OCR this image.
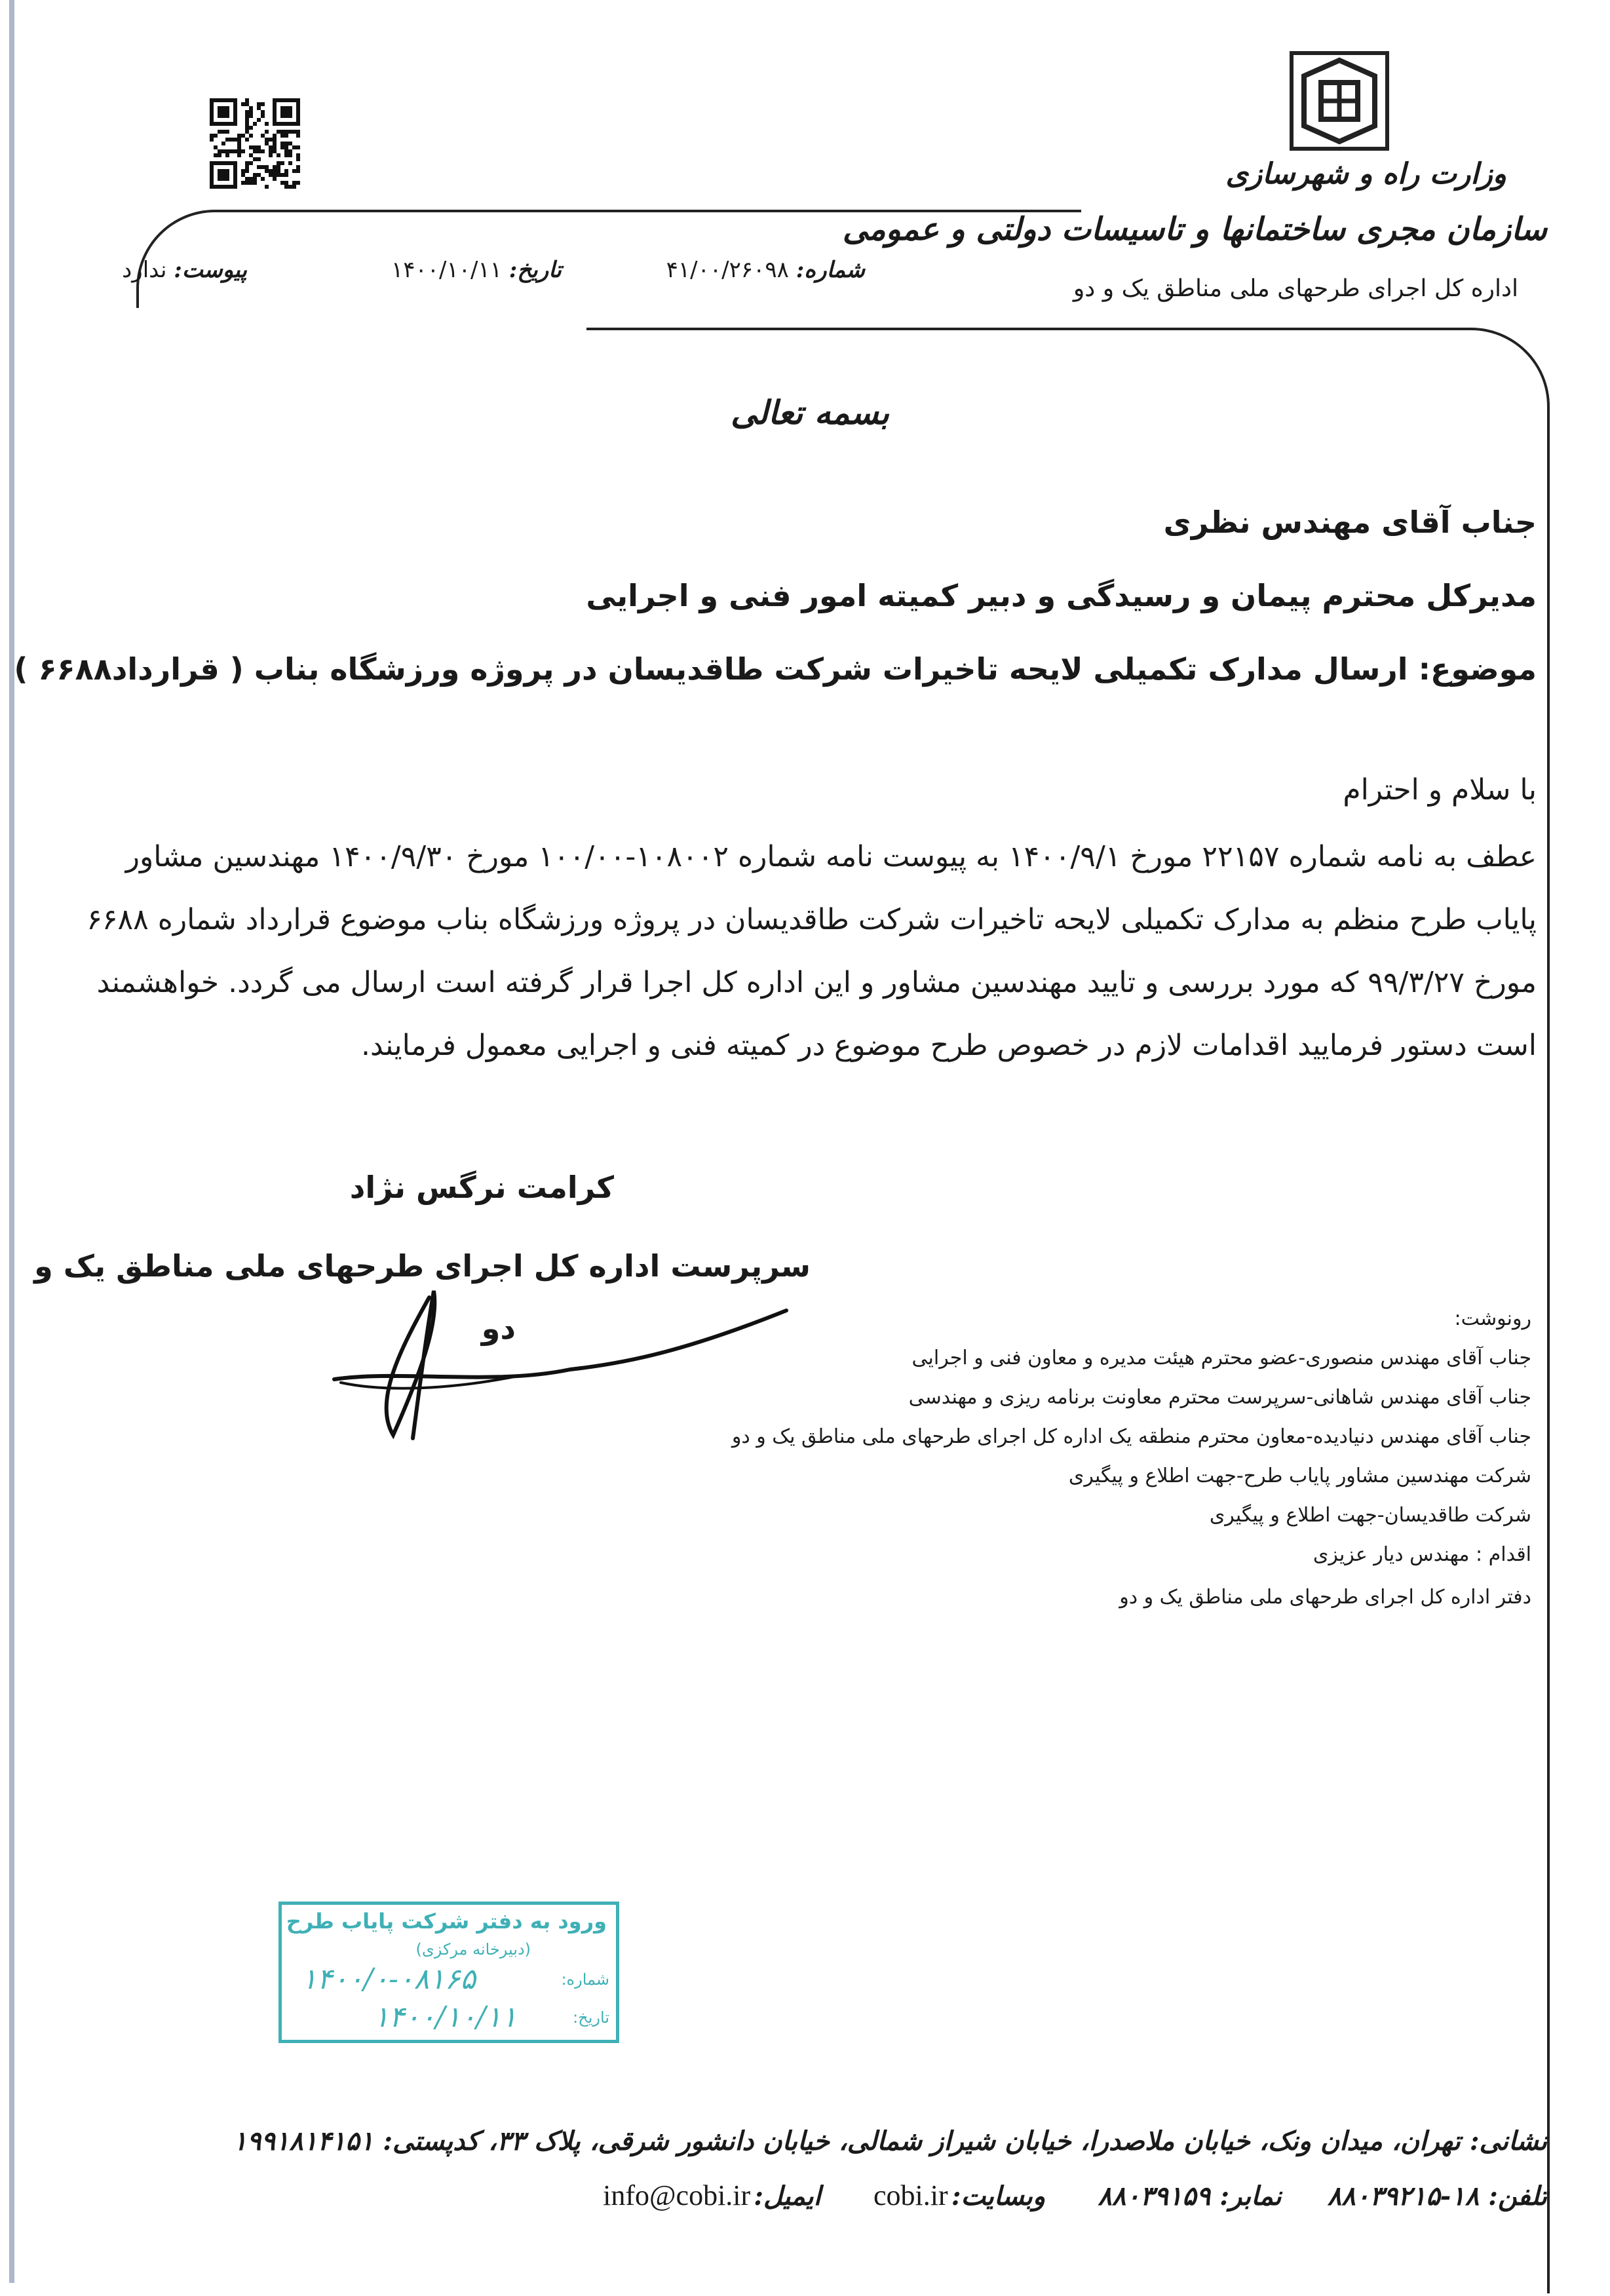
وزارت راه و شهرسازی
سازمان مجری ساختمانها و تاسیسات دولتی و عمومی
اداره کل اجرای طرحهای ملی مناطق یک و دو
شماره: ۴۱/۰۰/۲۶۰۹۸
تاریخ: ۱۴۰۰/۱۰/۱۱
پیوست: ندارد
بسمه تعالی
جناب آقای مهندس نظری
مدیرکل محترم پیمان و رسیدگی و دبیر کمیته امور فنی و اجرایی
موضوع: ارسال مدارک تکمیلی لایحه تاخیرات شرکت طاقدیسان در پروژه ورزشگاه بناب ( قرارداد۶۶۸۸ )
با سلام و احترام
عطف به نامه شماره ۲۲۱۵۷ مورخ ۱۴۰۰/۹/۱ به پیوست نامه شماره ۱۰۸۰۰۲-۱۰۰/۰۰ مورخ ۱۴۰۰/۹/۳۰ مهندسین مشاور
پایاب طرح منظم به مدارک تکمیلی لایحه تاخیرات شرکت طاقدیسان در پروژه ورزشگاه بناب موضوع قرارداد شماره ۶۶۸۸
مورخ ۹۹/۳/۲۷ که مورد بررسی و تایید مهندسین مشاور و این اداره کل اجرا قرار گرفته است ارسال می گردد. خواهشمند
است دستور فرمایید اقدامات لازم در خصوص طرح موضوع در کمیته فنی و اجرایی معمول فرمایند.
کرامت نرگس نژاد
سرپرست اداره کل اجرای طرحهای ملی مناطق یک و
دو	رونوشت:
جناب آقای مهندس منصوری-عضو محترم هیئت مدیره و معاون فنی و اجرایی
جناب آقای مهندس شاهانی-سرپرست محترم معاونت برنامه ریزی و مهندسی
جناب آقای مهندس دنیادیده-معاون محترم منطقه یک اداره کل اجرای طرحهای ملی مناطق یک و دو
شرکت مهندسین مشاور پایاب طرح-جهت اطلاع و پیگیری
شرکت طاقدیسان-جهت اطلاع و پیگیری
اقدام : مهندس دیار عزیزی
دفتر اداره کل اجرای طرحهای ملی مناطق یک و دو
ورود به دفتر شرکت پایاب طرح
(دبیرخانه مرکزی)
شماره:
۱۴۰۰/۰-۰۸۱۶۵
تاریخ:
۱۴۰۰/۱۰/۱۱
نشانی: تهران، میدان ونک، خیابان ملاصدرا، خیابان شیراز شمالی، خیابان دانشور شرقی، پلاک ۳۳، کدپستی: ۱۹۹۱۸۱۴۱۵۱
تلفن: ۱۸-۸۸۰۳۹۲۱۵  نمابر: ۸۸۰۳۹۱۵۹  وبسایت: cobi.ir  ایمیل: info@cobi.ir
